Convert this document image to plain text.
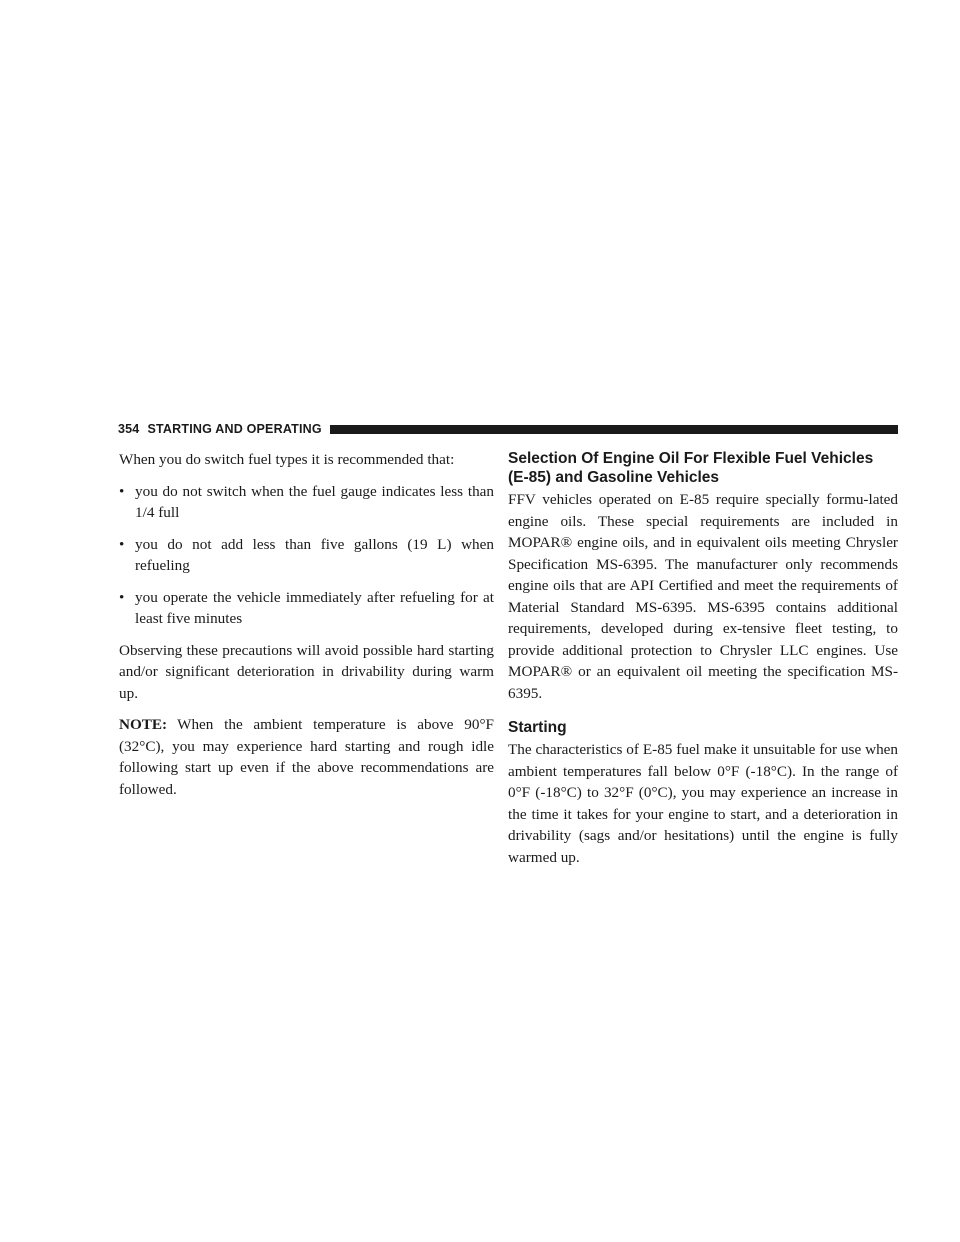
354 STARTING AND OPERATING

When you do switch fuel types it is recommended that:

• you do not switch when the fuel gauge indicates less than 1/4 full
• you do not add less than five gallons (19 L) when refueling
• you operate the vehicle immediately after refueling for at least five minutes

Observing these precautions will avoid possible hard starting and/or significant deterioration in drivability during warm up.

NOTE: When the ambient temperature is above 90°F (32°C), you may experience hard starting and rough idle following start up even if the above recommendations are followed.

Selection Of Engine Oil For Flexible Fuel Vehicles (E-85) and Gasoline Vehicles

FFV vehicles operated on E-85 require specially formu-lated engine oils. These special requirements are included in MOPAR® engine oils, and in equivalent oils meeting Chrysler Specification MS-6395. The manufacturer only recommends engine oils that are API Certified and meet the requirements of Material Standard MS-6395. MS-6395 contains additional requirements, developed during ex-tensive fleet testing, to provide additional protection to Chrysler LLC engines. Use MOPAR® or an equivalent oil meeting the specification MS-6395.

Starting

The characteristics of E-85 fuel make it unsuitable for use when ambient temperatures fall below 0°F (-18°C). In the range of 0°F (-18°C) to 32°F (0°C), you may experience an increase in the time it takes for your engine to start, and a deterioration in drivability (sags and/or hesitations) until the engine is fully warmed up.
